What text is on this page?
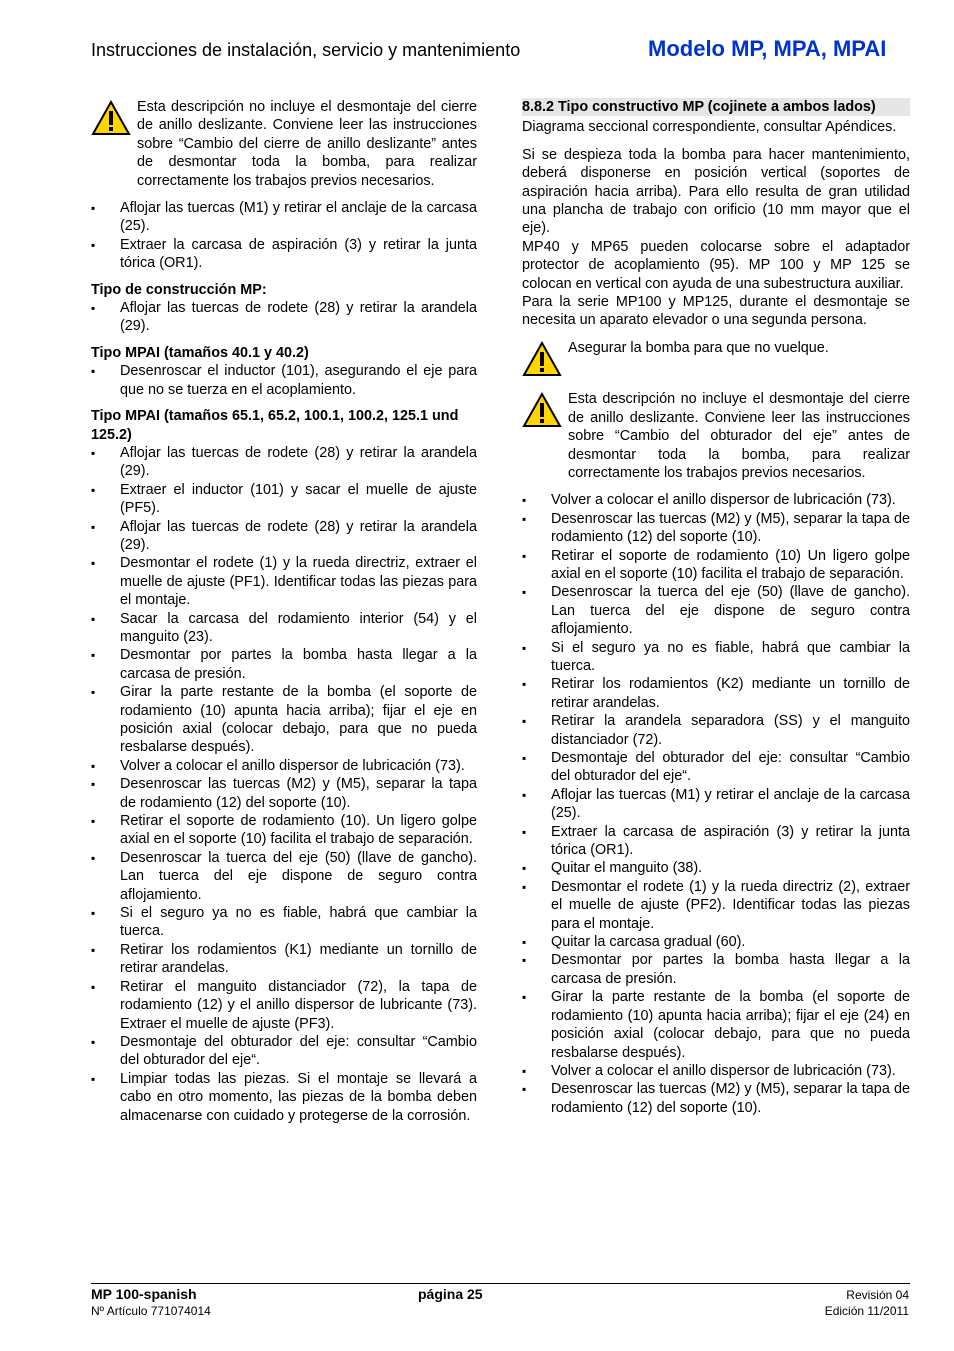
Instrucciones de instalación, servicio y mantenimiento	Modelo MP, MPA, MPAI

Esta descripción no incluye el desmontaje del cierre de anillo deslizante. Conviene leer las instrucciones sobre “Cambio del cierre de anillo deslizante” antes de desmontar toda la bomba, para realizar correctamente los trabajos previos necesarios.

▪ Aflojar las tuercas (M1) y retirar el anclaje de la carcasa (25).
▪ Extraer la carcasa de aspiración (3) y retirar la junta tórica (OR1).
Tipo de construcción MP:
▪ Aflojar las tuercas de rodete (28) y retirar la arandela (29).
Tipo MPAI (tamaños 40.1 y 40.2)
▪ Desenroscar el inductor (101), asegurando el eje para que no se tuerza en el acoplamiento.
Tipo MPAI (tamaños 65.1, 65.2, 100.1, 100.2, 125.1 und 125.2)
▪ Aflojar las tuercas de rodete (28) y retirar la arandela (29).
▪ Extraer el inductor (101) y sacar el muelle de ajuste (PF5).
▪ Aflojar las tuercas de rodete (28) y retirar la arandela (29).
▪ Desmontar el rodete (1) y la rueda directriz, extraer el muelle de ajuste (PF1). Identificar todas las piezas para el montaje.
▪ Sacar la carcasa del rodamiento interior (54) y el manguito (23).
▪ Desmontar por partes la bomba hasta llegar a la carcasa de presión.
▪ Girar la parte restante de la bomba (el soporte de rodamiento (10) apunta hacia arriba); fijar el eje en posición axial (colocar debajo, para que no pueda resbalarse después).
▪ Volver a colocar el anillo dispersor de lubricación (73).
▪ Desenroscar las tuercas (M2) y (M5), separar la tapa de rodamiento (12) del soporte (10).
▪ Retirar el soporte de rodamiento (10). Un ligero golpe axial en el soporte (10) facilita el trabajo de separación.
▪ Desenroscar la tuerca del eje (50) (llave de gancho). Lan tuerca del eje dispone de seguro contra aflojamiento.
▪ Si el seguro ya no es fiable, habrá que cambiar la tuerca.
▪ Retirar los rodamientos (K1) mediante un tornillo de retirar arandelas.
▪ Retirar el manguito distanciador (72), la tapa de rodamiento (12) y el anillo dispersor de lubricante (73). Extraer el muelle de ajuste (PF3).
▪ Desmontaje del obturador del eje: consultar “Cambio del obturador del eje“.
▪ Limpiar todas las piezas. Si el montaje se llevará a cabo en otro momento, las piezas de la bomba deben almacenarse con cuidado y protegerse de la corrosión.
8.8.2 Tipo constructivo MP (cojinete a ambos lados)

Diagrama seccional correspondiente, consultar Apéndices.

Si se despieza toda la bomba para hacer mantenimiento, deberá disponerse en posición vertical (soportes de aspiración hacia arriba). Para ello resulta de gran utilidad una plancha de trabajo con orificio (10 mm mayor que el eje).

MP40 y MP65 pueden colocarse sobre el adaptador protector de acoplamiento (95). MP 100 y MP 125 se colocan en vertical con ayuda de una subestructura auxiliar.

Para la serie MP100 y MP125, durante el desmontaje se necesita un aparato elevador o una segunda persona.

Asegurar la bomba para que no vuelque.

Esta descripción no incluye el desmontaje del cierre de anillo deslizante. Conviene leer las instrucciones sobre “Cambio del obturador del eje” antes de desmontar toda la bomba, para realizar correctamente los trabajos previos necesarios.

▪ Volver a colocar el anillo dispersor de lubricación (73).
▪ Desenroscar las tuercas (M2) y (M5), separar la tapa de rodamiento (12) del soporte (10).
▪ Retirar el soporte de rodamiento (10) Un ligero golpe axial en el soporte (10) facilita el trabajo de separación.
▪ Desenroscar la tuerca del eje (50) (llave de gancho). Lan tuerca del eje dispone de seguro contra aflojamiento.
▪ Si el seguro ya no es fiable, habrá que cambiar la tuerca.
▪ Retirar los rodamientos (K2) mediante un tornillo de retirar arandelas.
▪ Retirar la arandela separadora (SS) y el manguito distanciador (72).
▪ Desmontaje del obturador del eje: consultar “Cambio del obturador del eje“.
▪ Aflojar las tuercas (M1) y retirar el anclaje de la carcasa (25).
▪ Extraer la carcasa de aspiración (3) y retirar la junta tórica (OR1).
▪ Quitar el manguito (38).
▪ Desmontar el rodete (1) y la rueda directriz (2), extraer el muelle de ajuste (PF2). Identificar todas las piezas para el montaje.
▪ Quitar la carcasa gradual (60).
▪ Desmontar por partes la bomba hasta llegar a la carcasa de presión.
▪ Girar la parte restante de la bomba (el soporte de rodamiento (10) apunta hacia arriba); fijar el eje (24) en posición axial (colocar debajo, para que no pueda resbalarse después).
▪ Volver a colocar el anillo dispersor de lubricación (73).
▪ Desenroscar las tuercas (M2) y (M5), separar la tapa de rodamiento (12) del soporte (10).
MP 100-spanish	página 25	Revisión 04
Nº Artículo 771074014	Edición 11/2011
